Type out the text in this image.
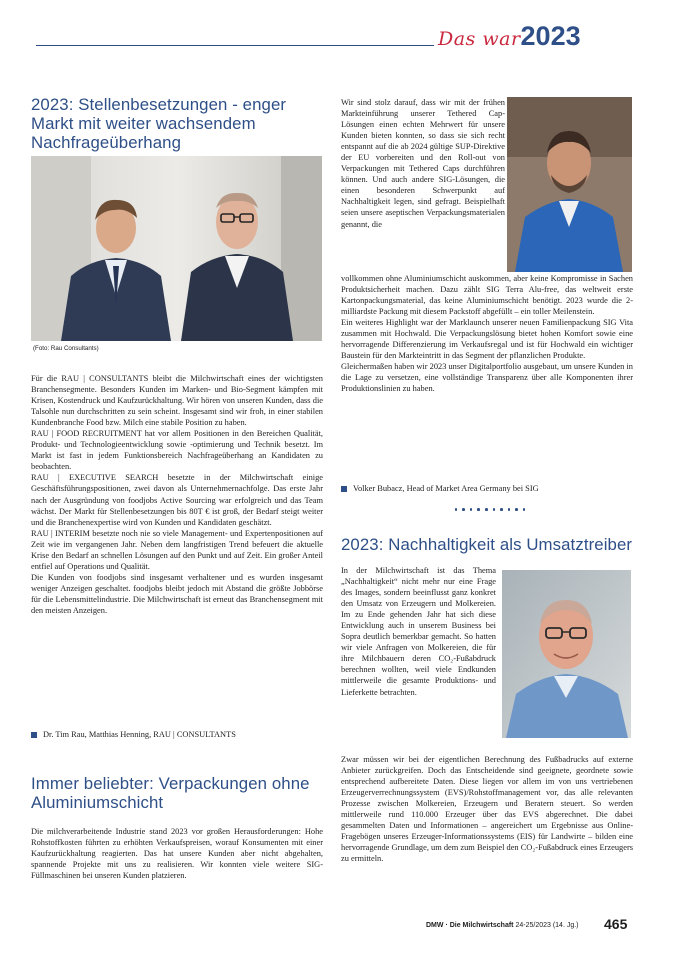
Das war2023
2023: Stellenbesetzungen - enger Markt mit weiter wachsendem Nachfrageüberhang
(Foto: Rau Consultants)

Für die RAU | CONSULTANTS bleibt die Milchwirtschaft eines der wichtigsten Branchensegmente. Besonders Kunden im Marken- und Bio-Segment kämpfen mit Krisen, Kostendruck und Kaufzurückhaltung. Wir hören von unseren Kunden, dass die Talsohle nun durchschritten zu sein scheint. Insgesamt sind wir froh, in einer stabilen Kundenbranche Food bzw. Milch eine stabile Position zu haben.

RAU | FOOD RECRUITMENT hat vor allem Positionen in den Bereichen Qualität, Produkt- und Technologieentwicklung sowie -optimierung und Technik besetzt. Im Markt ist fast in jedem Funktionsbereich Nachfrageüberhang an Kandidaten zu beobachten.

RAU | EXECUTIVE SEARCH besetzte in der Milchwirtschaft einige Geschäftsführungspositionen, zwei davon als Unternehmernachfolge. Das erste Jahr nach der Ausgründung von foodjobs Active Sourcing war erfolgreich und das Team wächst. Der Markt für Stellenbesetzungen bis 80T € ist groß, der Bedarf steigt weiter und die Branchenexpertise wird von Kunden und Kandidaten geschätzt.

RAU | INTERIM besetzte noch nie so viele Management- und Expertenpositionen auf Zeit wie im vergangenen Jahr. Neben dem langfristigen Trend befeuert die aktuelle Krise den Bedarf an schnellen Lösungen auf den Punkt und auf Zeit. Ein großer Anteil entfiel auf Operations und Qualität.

Die Kunden von foodjobs sind insgesamt verhaltener und es wurden insgesamt weniger Anzeigen geschaltet. foodjobs bleibt jedoch mit Abstand die größte Jobbörse für die Lebensmittelindustrie. Die Milchwirtschaft ist erneut das Branchensegment mit den meisten Anzeigen.

Dr. Tim Rau, Matthias Henning, RAU | CONSULTANTS
Immer beliebter: Verpackungen ohne Aluminiumschicht

Die milchverarbeitende Industrie stand 2023 vor großen Herausforderungen: Hohe Rohstoffkosten führten zu erhöhten Verkaufspreisen, worauf Konsumenten mit einer Kaufzurückhaltung reagierten. Das hat unsere Kunden aber nicht abgehalten, spannende Projekte mit uns zu realisieren. Wir konnten viele weitere SIG-Füllmaschinen bei unseren Kunden platzieren.

Wir sind stolz darauf, dass wir mit der frühen Markteinführung unserer Tethered Cap-Lösungen einen echten Mehrwert für unsere Kunden bieten konnten, so dass sie sich recht entspannt auf die ab 2024 gültige SUP-Direktive der EU vorbereiten und den Roll-out von Verpackungen mit Tethered Caps durchführen können. Und auch andere SIG-Lösungen, die einen besonderen Schwerpunkt auf Nachhaltigkeit legen, sind gefragt. Beispielhaft seien unsere aseptischen Verpackungsmaterialen genannt, die

vollkommen ohne Aluminiumschicht auskommen, aber keine Kompromisse in Sachen Produktsicherheit machen. Dazu zählt SIG Terra Alu-free, das weltweit erste Kartonpackungsmaterial, das keine Aluminiumschicht benötigt. 2023 wurde die 2-milliardste Packung mit diesem Packstoff abgefüllt – ein toller Meilenstein.

Ein weiteres Highlight war der Marklaunch unserer neuen Familienpackung SIG Vita zusammen mit Hochwald. Die Verpackungslösung bietet hohen Komfort sowie eine hervorragende Differenzierung im Verkaufsregal und ist für Hochwald ein wichtiger Baustein für den Markteintritt in das Segment der pflanzlichen Produkte.

Gleichermaßen haben wir 2023 unser Digitalportfolio ausgebaut, um unsere Kunden in die Lage zu versetzen, eine vollständige Transparenz über alle Komponenten ihrer Produktionslinien zu haben.

Volker Bubacz, Head of Market Area Germany bei SIG
2023: Nachhaltigkeit als Umsatztreiber

In der Milchwirtschaft ist das Thema „Nachhaltigkeit“ nicht mehr nur eine Frage des Images, sondern beeinflusst ganz konkret den Umsatz von Erzeugern und Molkereien. Im zu Ende gehenden Jahr hat sich diese Entwicklung auch in unserem Business bei Sopra deutlich bemerkbar gemacht. So hatten wir viele Anfragen von Molkereien, die für ihre Milchbauern deren CO₂-Fußabdruck berechnen wollten, weil viele Endkunden mittlerweile die gesamte Produktions- und Lieferkette betrachten.

Zwar müssen wir bei der eigentlichen Berechnung des Fußbadrucks auf externe Anbieter zurückgreifen. Doch das Entscheidende sind geeignete, geordnete sowie entsprechend aufbereitete Daten. Diese liegen vor allem im von uns vertriebenen Erzeugerverrechnungssystem (EVS)/Rohstoffmanagement vor, das alle relevanten Prozesse zwischen Molkereien, Erzeugern und Beratern steuert. So werden mittlerweile rund 110.000 Erzeuger über das EVS abgerechnet. Die dabei gesammelten Daten und Informationen – angereichert um Ergebnisse aus Online-Fragebögen unseres Erzeuger-Informationssystems (EIS) für Landwirte – bilden eine hervorragende Grundlage, um dem zum Beispiel den CO₂-Fußabdruck eines Erzeugers zu ermitteln.

DMW · Die Milchwirtschaft 24-25/2023 (14. Jg.) 465
